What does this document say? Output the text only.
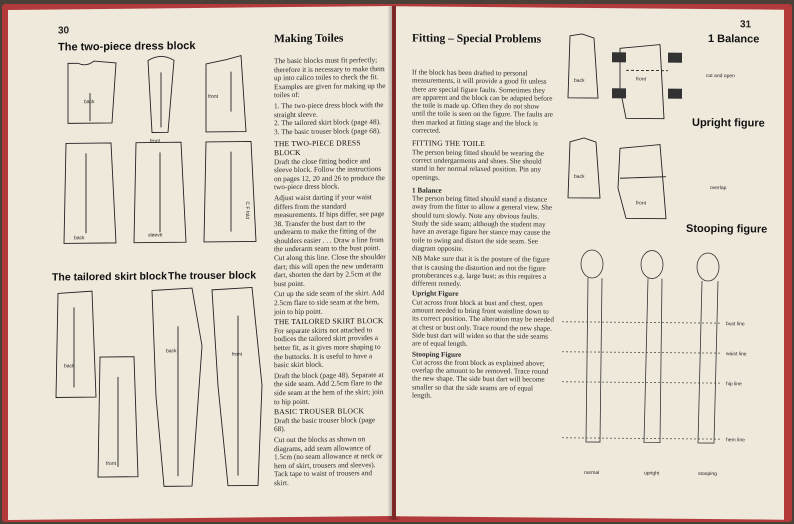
30
The two-piece dress block
Making Toiles
back
front
front
back	sleeve
C F fold
The tailored skirt block The trouser block
back
front
back
front

The basic blocks must fit perfectly; therefore it is necessary to make them up into calico toiles to check the fit. Examples are given for making up the toiles of:

1. The two-piece dress block with the straight sleeve.
2. The tailored skirt block (page 48).
3. The basic trouser block (page 68).
THE TWO-PIECE DRESS BLOCK

Draft the close fitting bodice and sleeve block. Follow the instructions on pages 12, 20 and 26 to produce the two-piece dress block.

Adjust waist darting if your waist differs from the standard measurements. If hips differ, see page 38. Transfer the bust dart to the underarm to make the fitting of the shoulders easier . . . Draw a line from the underarm seam to the bust point. Cut along this line. Close the shoulder dart; this will open the new underarm dart, shorten the dart by 2.5cm at the bust point.

Cut up the side seam of the skirt. Add 2.5cm flare to side seam at the hem, join to hip point.

THE TAILORED SKIRT BLOCK

For separate skirts not attached to bodices the tailored skirt provides a better fit, as it gives more shaping to the buttocks. It is useful to have a basic skirt block.

Draft the block (page 48). Separate at the side seam. Add 2.5cm flare to the side seam at the hem of the skirt; join to hip point.

BASIC TROUSER BLOCK

Draft the basic trouser block (page 68).

Cut out the blocks as shown on diagrams, add seam allowance of 1.5cm (no seam allowance at neck or hem of skirt, trousers and sleeves). Tack tape to waist of trousers and skirt.

31
Fitting – Special Problems

If the block has been drafted to personal measurements, it will provide a good fit unless there are special figure faults. Sometimes they are apparent and the block can be adapted before the toile is made up. Often they do not show until the toile is seen on the figure. The faults are then marked at fitting stage and the block is corrected.

FITTING THE TOILE

The person being fitted should be wearing the correct undergarments and shoes. She should stand in her normal relaxed position. Pin any openings.

1 Balance

The person being fitted should stand a distance away from the fitter to allow a general view. She should turn slowly. Note any obvious faults. Study the side seam; although the student may have an average figure her stance may cause the toile to swing and distort the side seam. See diagram opposite.

NB Make sure that it is the posture of the figure that is causing the distortion and not the figure protuberances e.g. large bust; as this requires a different remedy.

Upright Figure

Cut across front block at bust and chest, open amount needed to bring front waistline down to its correct position. The alteration may be needed at chest or bust only. Trace round the new shape. Side bust dart will widen so that the side seams are of equal length.

Stooping Figure

Cut across the front block as explained above; overlap the amount to be removed. Trace round the new shape. The side bust dart will become smaller so that the side seams are of equal length.

1 Balance
Upright figure
Stooping figure
back	front
cut and open
back
front
overlap
bust line
waist line
hip line
hem line
normal	upright	stooping
